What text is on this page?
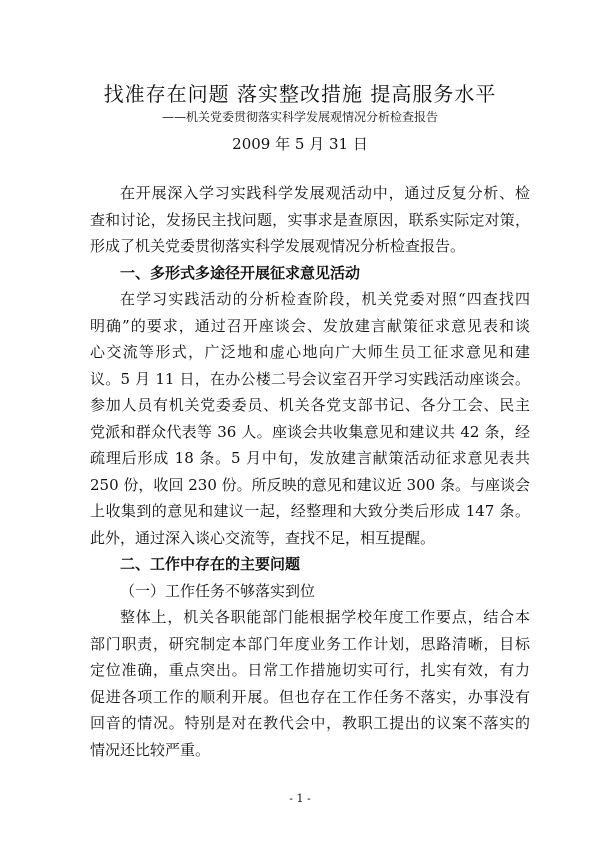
找准存在问题 落实整改措施 提高服务水平
——机关党委贯彻落实科学发展观情况分析检查报告
2009 年 5 月 31 日
在开展深入学习实践科学发展观活动中，通过反复分析、检
查和讨论，发扬民主找问题，实事求是查原因，联系实际定对策，
形成了机关党委贯彻落实科学发展观情况分析检查报告。
一、多形式多途径开展征求意见活动
在学习实践活动的分析检查阶段，机关党委对照“四查找四
明确”的要求，通过召开座谈会、发放建言献策征求意见表和谈
心交流等形式，广泛地和虚心地向广大师生员工征求意见和建
议。5 月 11 日，在办公楼二号会议室召开学习实践活动座谈会。
参加人员有机关党委委员、机关各党支部书记、各分工会、民主
党派和群众代表等 36 人。座谈会共收集意见和建议共 42 条，经
疏理后形成 18 条。5 月中旬，发放建言献策活动征求意见表共
250 份，收回 230 份。所反映的意见和建议近 300 条。与座谈会
上收集到的意见和建议一起，经整理和大致分类后形成 147 条。
此外，通过深入谈心交流等，查找不足，相互提醒。
二、工作中存在的主要问题
（一）工作任务不够落实到位
整体上，机关各职能部门能根据学校年度工作要点，结合本
部门职责，研究制定本部门年度业务工作计划，思路清晰，目标
定位准确，重点突出。日常工作措施切实可行，扎实有效，有力
促进各项工作的顺利开展。但也存在工作任务不落实，办事没有
回音的情况。特别是对在教代会中，教职工提出的议案不落实的
情况还比较严重。
- 1 -
